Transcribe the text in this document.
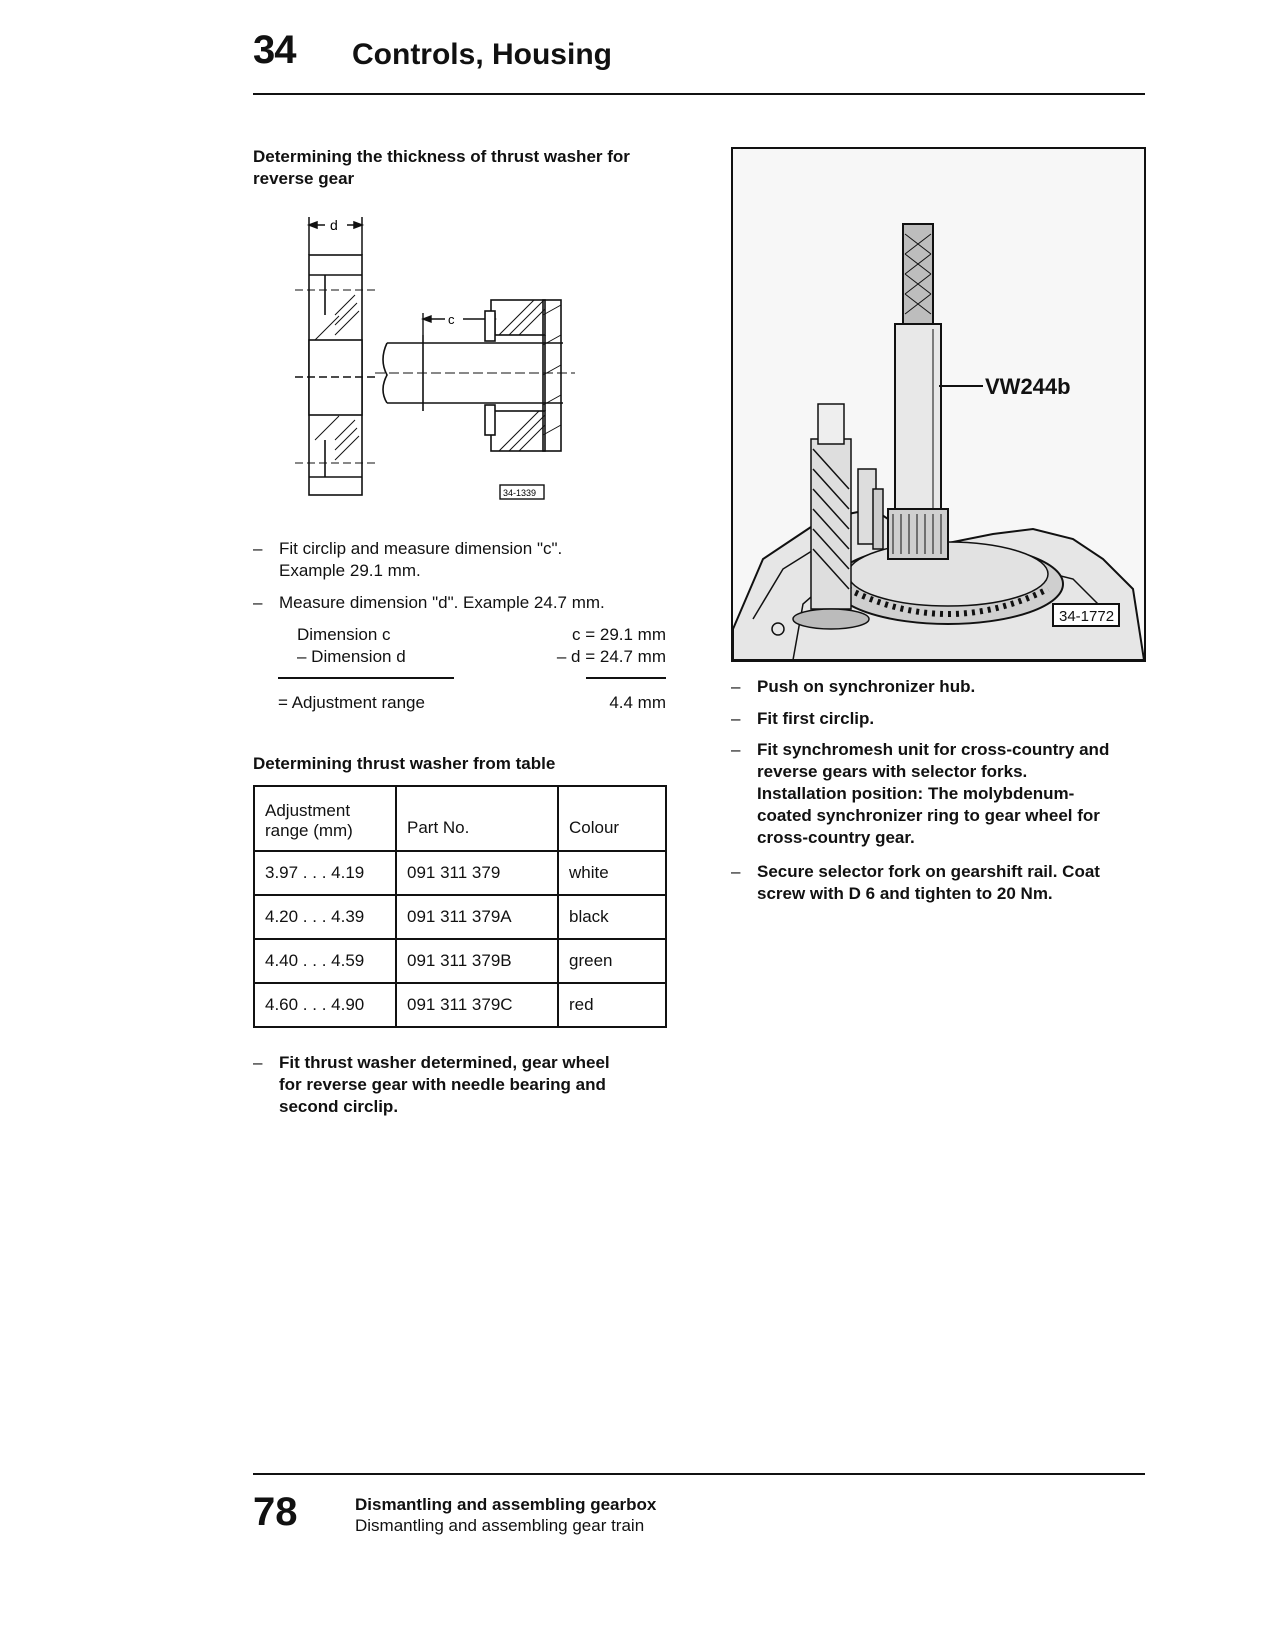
34 Controls, Housing
Determining the thickness of thrust washer for
reverse gear
d
c
34-1339
– Fit circlip and measure dimension "c".
Example 29.1 mm.
– Measure dimension "d". Example 24.7 mm.
Dimension c	c = 29.1 mm
– Dimension d	– d = 24.7 mm
= Adjustment range	4.4 mm
Determining thrust washer from table
Adjustment
range (mm)	Part No.	Colour
3.97 . . . 4.19	091 311 379	white
4.20 . . . 4.39	091 311 379A	black
4.40 . . . 4.59	091 311 379B	green
4.60 . . . 4.90	091 311 379C	red
– Fit thrust washer determined, gear wheel
for reverse gear with needle bearing and
second circlip.
VW244b
34-1772
– Push on synchronizer hub.
– Fit first circlip.
– Fit synchromesh unit for cross-country and
reverse gears with selector forks.
Installation position: The molybdenum-
coated synchronizer ring to gear wheel for
cross-country gear.
– Secure selector fork on gearshift rail. Coat
screw with D 6 and tighten to 20 Nm.
78	Dismantling and assembling gearbox
Dismantling and assembling gear train
